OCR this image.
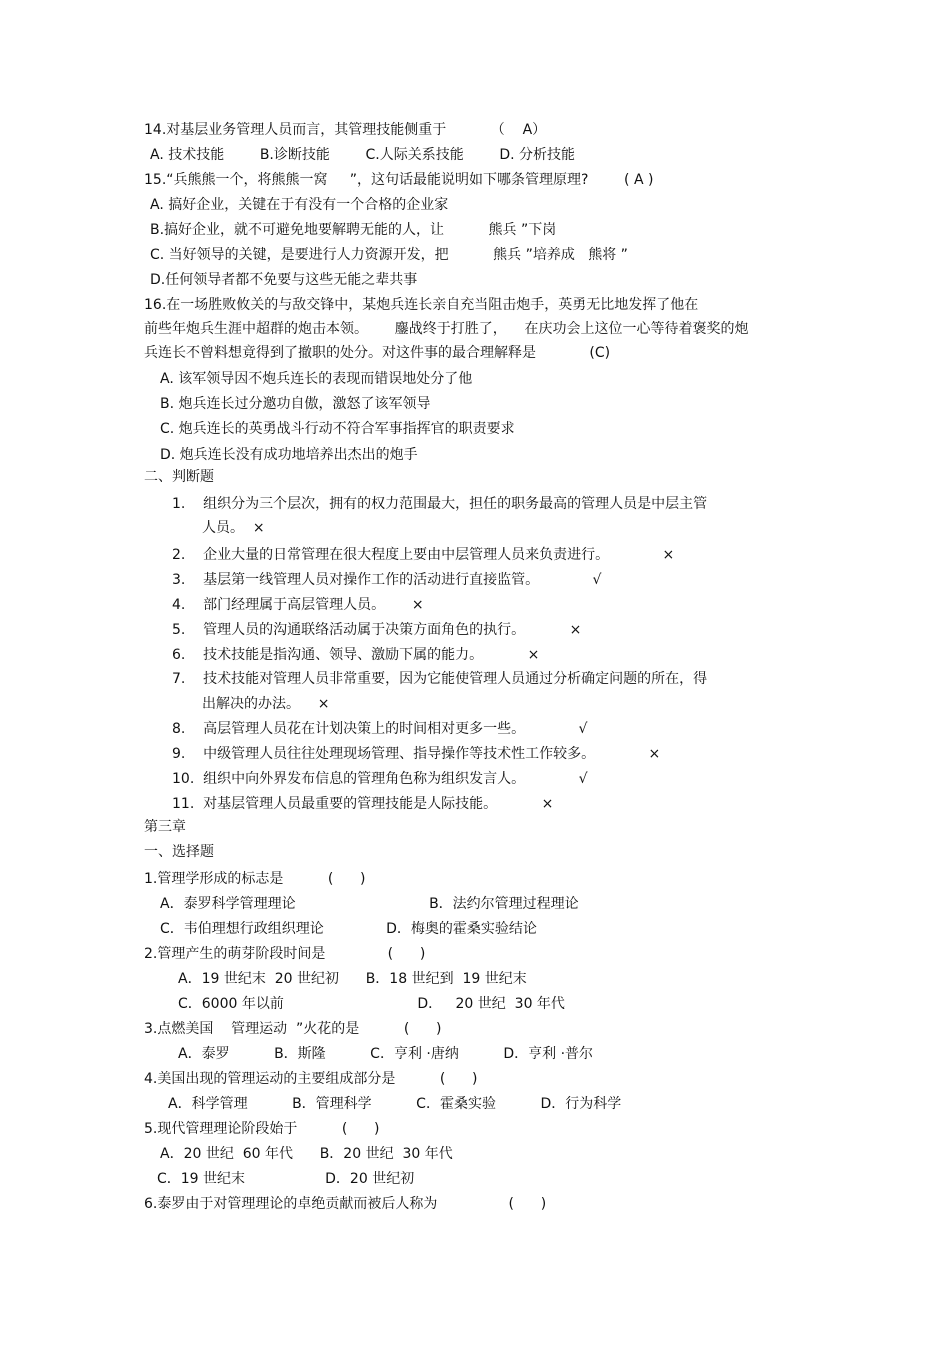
14.对基层业务管理人员而言，其管理技能侧重于          （    A）
A. 技术技能        B.诊断技能        C.人际关系技能        D. 分析技能
15.“兵熊熊一个，将熊熊一窝     ”，这句话最能说明如下哪条管理原理?        ( A )
A. 搞好企业，关键在于有没有一个合格的企业家
B.搞好企业，就不可避免地要解聘无能的人，让          熊兵 ”下岗
C. 当好领导的关键，是要进行人力资源开发，把          熊兵 ”培养成   熊将 ”
D.任何领导者都不免要与这些无能之辈共事
16.在一场胜败攸关的与敌交锋中，某炮兵连长亲自充当阻击炮手，英勇无比地发挥了他在
前些年炮兵生涯中超群的炮击本领。      鏖战终于打胜了，    在庆功会上这位一心等待着褒奖的炮
兵连长不曾料想竟得到了撤职的处分。对这件事的最合理解释是            (C)
A. 该军领导因不炮兵连长的表现而错误地处分了他
B. 炮兵连长过分邀功自傲，激怒了该军领导
C. 炮兵连长的英勇战斗行动不符合军事指挥官的职责要求
D. 炮兵连长没有成功地培养出杰出的炮手
二、判断题
1.    组织分为三个层次，拥有的权力范围最大，担任的职务最高的管理人员是中层主管
人员。  ×
2.    企业大量的日常管理在很大程度上要由中层管理人员来负责进行。            ×
3.    基层第一线管理人员对操作工作的活动进行直接监管。            √
4.    部门经理属于高层管理人员。      ×
5.    管理人员的沟通联络活动属于决策方面角色的执行。          ×
6.    技术技能是指沟通、领导、激励下属的能力。          ×
7.    技术技能对管理人员非常重要，因为它能使管理人员通过分析确定问题的所在，得
出解决的办法。    ×
8.    高层管理人员花在计划决策上的时间相对更多一些。            √
9.    中级管理人员往往处理现场管理、指导操作等技术性工作较多。            ×
10.  组织中向外界发布信息的管理角色称为组织发言人。            √
11.  对基层管理人员最重要的管理技能是人际技能。          ×
第三章
一、选择题
1.管理学形成的标志是          (      )
A．泰罗科学管理理论                              B．法约尔管理过程理论
C．韦伯理想行政组织理论              D．梅奥的霍桑实验结论
2.管理产生的萌芽阶段时间是              (      )
A．19 世纪末  20 世纪初      B．18 世纪到  19 世纪末
C．6000 年以前                              D．   20 世纪  30 年代
3.点燃美国    管理运动  ”火花的是          (      )
A．泰罗          B．斯隆          C．亨利 ·唐纳          D．亨利 ·普尔
4.美国出现的管理运动的主要组成部分是          (      )
A．科学管理          B．管理科学          C．霍桑实验          D．行为科学
5.现代管理理论阶段始于          (      )
A．20 世纪  60 年代      B．20 世纪  30 年代
C．19 世纪末                  D．20 世纪初
6.泰罗由于对管理理论的卓绝贡献而被后人称为                (      )
